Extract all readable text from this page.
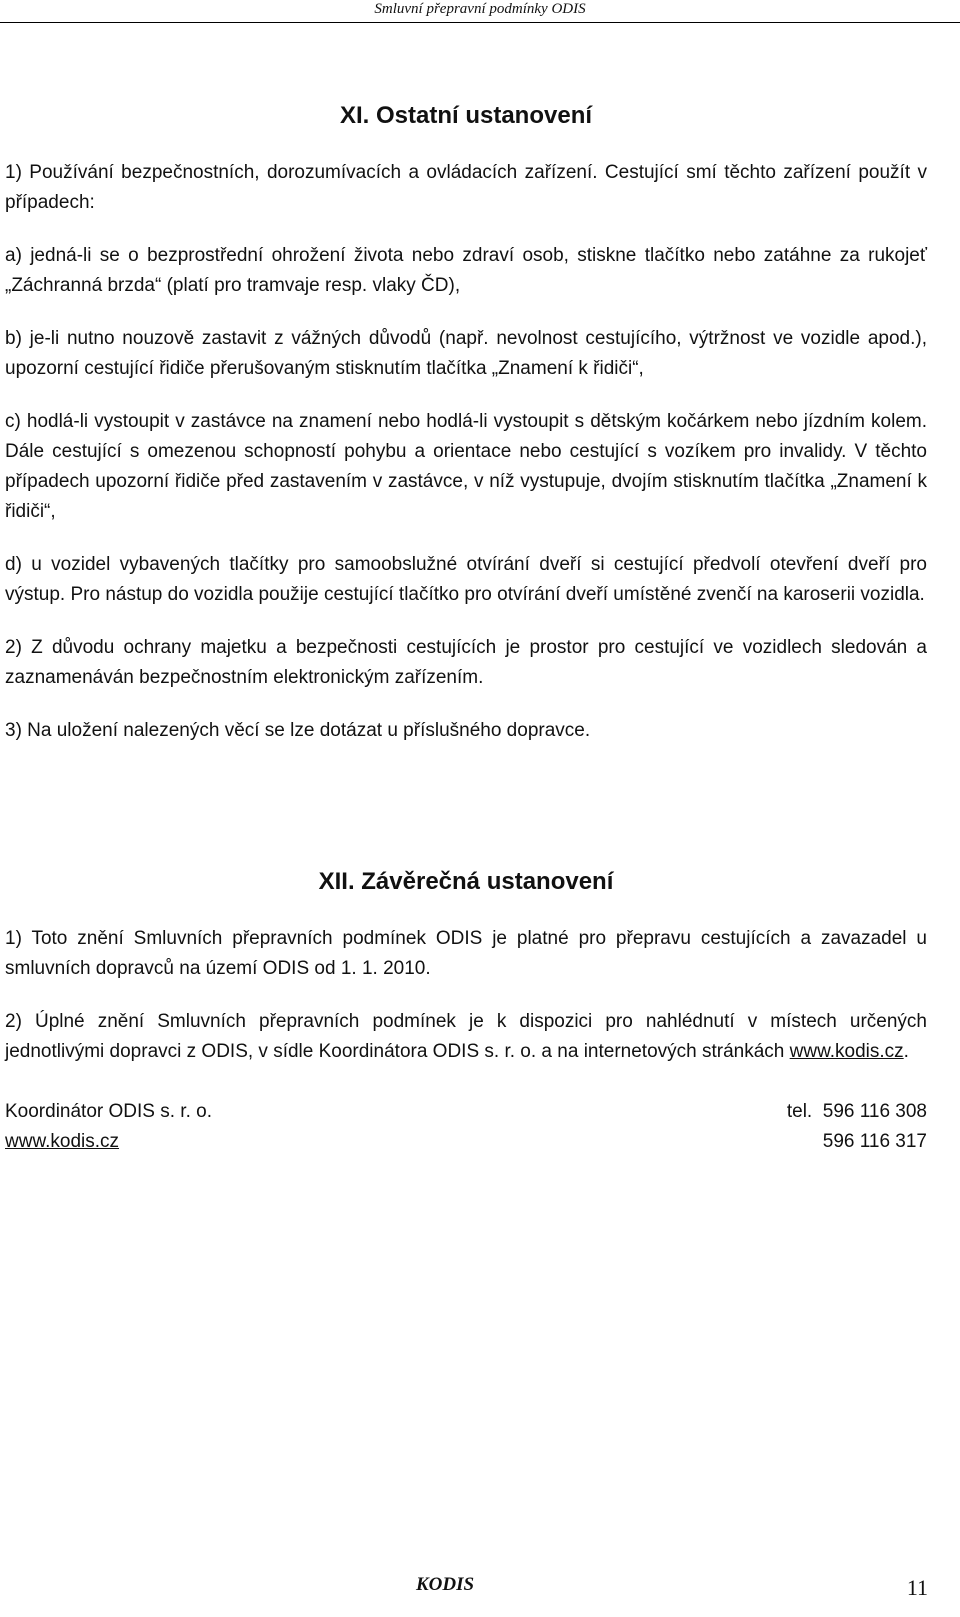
Smluvní přepravní podmínky ODIS
XI. Ostatní ustanovení

1) Používání bezpečnostních, dorozumívacích a ovládacích zařízení. Cestující smí těchto zařízení použít v případech:

a) jedná-li se o bezprostřední ohrožení života nebo zdraví osob, stiskne tlačítko nebo zatáhne za rukojeť „Záchranná brzda“ (platí pro tramvaje resp. vlaky ČD),

b) je-li nutno nouzově zastavit z vážných důvodů (např. nevolnost cestujícího, výtržnost ve vozidle apod.), upozorní cestující řidiče přerušovaným stisknutím tlačítka „Znamení k řidiči“,

c) hodlá-li vystoupit v zastávce na znamení nebo hodlá-li vystoupit s dětským kočárkem nebo jízdním kolem. Dále cestující s omezenou schopností pohybu a orientace nebo cestující s vozíkem pro invalidy. V těchto případech upozorní řidiče před zastavením v zastávce, v níž vystupuje, dvojím stisknutím tlačítka „Znamení k řidiči“,

d) u vozidel vybavených tlačítky pro samoobslužné otvírání dveří si cestující předvolí otevření dveří pro výstup. Pro nástup do vozidla použije cestující tlačítko pro otvírání dveří umístěné zvenčí na karoserii vozidla.

2) Z důvodu ochrany majetku a bezpečnosti cestujících je prostor pro cestující ve vozidlech sledován a zaznamenáván bezpečnostním elektronickým zařízením.

3) Na uložení nalezených věcí se lze dotázat u příslušného dopravce.

XII. Závěrečná ustanovení

1) Toto znění Smluvních přepravních podmínek ODIS je platné pro přepravu cestujících a zavazadel u smluvních dopravců na území ODIS od 1. 1. 2010.

2) Úplné znění Smluvních přepravních podmínek je k dispozici pro nahlédnutí v místech určených jednotlivými dopravci z ODIS, v sídle Koordinátora ODIS s. r. o. a na internetových stránkách www.kodis.cz.

Koordinátor ODIS s. r. o.
www.kodis.cz
tel.  596 116 308
596 116 317
KODIS	11
